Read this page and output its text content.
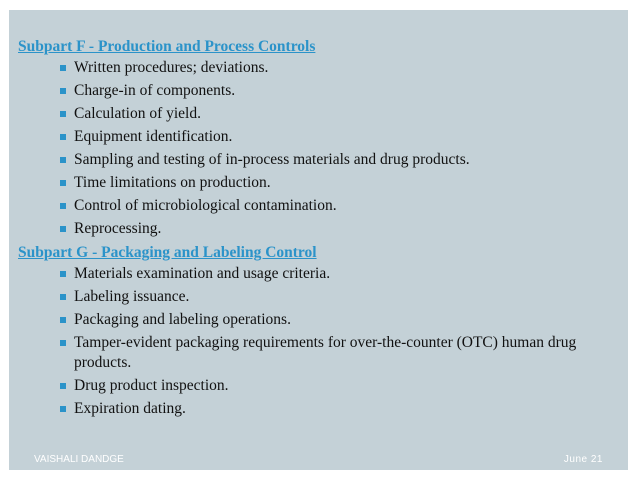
Subpart F - Production and Process Controls
Written procedures; deviations.
Charge-in of components.
Calculation of yield.
Equipment identification.
Sampling and testing of in-process materials and drug products.
Time limitations on production.
Control of microbiological contamination.
Reprocessing.
Subpart G - Packaging and Labeling Control
Materials examination and usage criteria.
Labeling issuance.
Packaging and labeling operations.
Tamper-evident packaging requirements for over-the-counter (OTC) human drug products.
Drug product inspection.
Expiration dating.
VAISHALI DANDGE	June 21
